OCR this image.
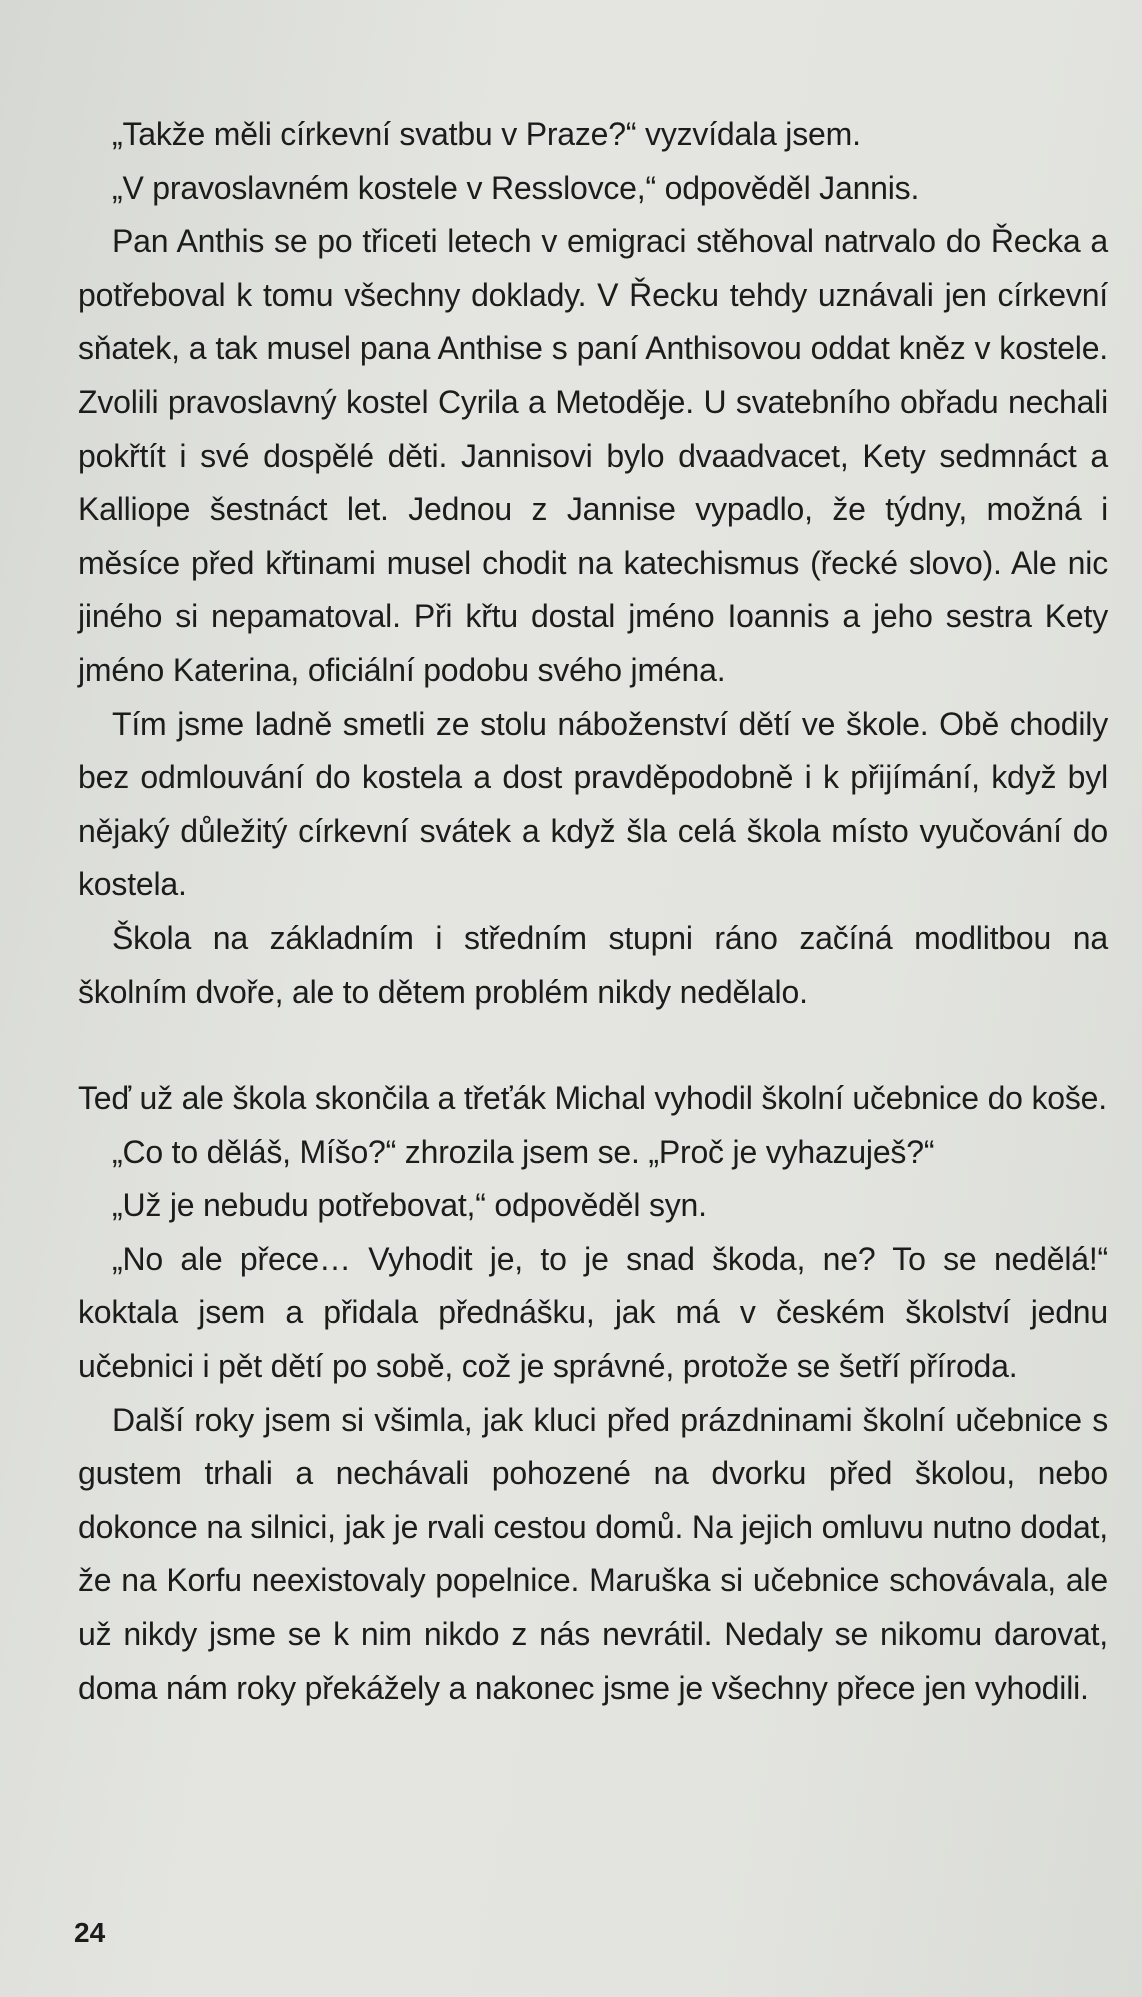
„Takže měli církevní svatbu v Praze?“ vyzvídala jsem.

„V pravoslavném kostele v Resslovce,“ odpověděl Jannis.

Pan Anthis se po třiceti letech v emigraci stěhoval natrvalo do Řecka a potřeboval k tomu všechny doklady. V Řecku tehdy uznávali jen církevní sňatek, a tak musel pana Anthise s paní Anthisovou oddat kněz v kostele. Zvolili pravoslavný kostel Cyrila a Metoděje. U svatebního obřadu nechali pokřtít i své dospělé děti. Jannisovi bylo dvaadvacet, Kety sedmnáct a Kalliope šestnáct let. Jednou z Jannise vypadlo, že týdny, možná i měsíce před křtinami musel chodit na katechismus (řecké slovo). Ale nic jiného si nepamatoval. Při křtu dostal jméno Ioannis a jeho sestra Kety jméno Katerina, oficiální podobu svého jména.

Tím jsme ladně smetli ze stolu náboženství dětí ve škole. Obě chodily bez odmlouvání do kostela a dost pravděpodobně i k přijímání, když byl nějaký důležitý církevní svátek a když šla celá škola místo vyučování do kostela.

Škola na základním i středním stupni ráno začíná modlitbou na školním dvoře, ale to dětem problém nikdy nedělalo.

Teď už ale škola skončila a třeťák Michal vyhodil školní učebnice do koše.

„Co to děláš, Míšo?“ zhrozila jsem se. „Proč je vyhazuješ?“

„Už je nebudu potřebovat,“ odpověděl syn.

„No ale přece… Vyhodit je, to je snad škoda, ne? To se nedělá!“ koktala jsem a přidala přednášku, jak má v českém školství jednu učebnici i pět dětí po sobě, což je správné, protože se šetří příroda.

Další roky jsem si všimla, jak kluci před prázdninami školní učebnice s gustem trhali a nechávali pohozené na dvorku před školou, nebo dokonce na silnici, jak je rvali cestou domů. Na jejich omluvu nutno dodat, že na Korfu neexistovaly popelnice. Maruška si učebnice schovávala, ale už nikdy jsme se k nim nikdo z nás nevrátil. Nedaly se nikomu darovat, doma nám roky překážely a nakonec jsme je všechny přece jen vyhodili.

24
